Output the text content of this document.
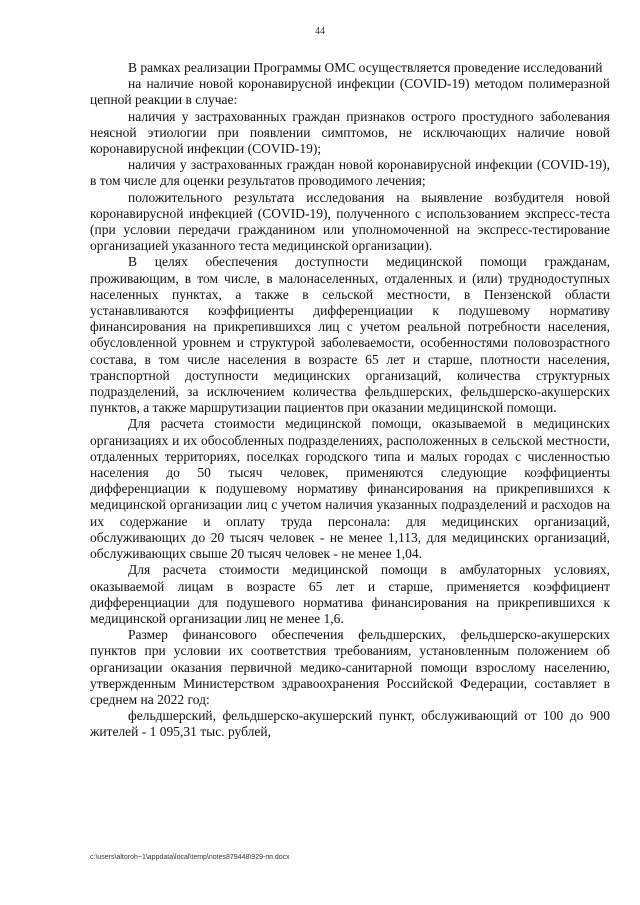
44

В рамках реализации Программы ОМС осуществляется проведение исследований

на наличие новой коронавирусной инфекции (COVID-19) методом полимеразной цепной реакции в случае:

наличия у застрахованных граждан признаков острого простудного заболевания неясной этиологии при появлении симптомов, не исключающих наличие новой коронавирусной инфекции (COVID-19);

наличия у застрахованных граждан новой коронавирусной инфекции (COVID-19), в том числе для оценки результатов проводимого лечения;

положительного результата исследования на выявление возбудителя новой коронавирусной инфекцией (COVID-19), полученного с использованием экспресс-теста (при условии передачи гражданином или уполномоченной на экспресс-тестирование организацией указанного теста медицинской организации).

В целях обеспечения доступности медицинской помощи гражданам, проживающим, в том числе, в малонаселенных, отдаленных и (или) труднодоступных населенных пунктах, а также в сельской местности, в Пензенской области устанавливаются коэффициенты дифференциации к подушевому нормативу финансирования на прикрепившихся лиц с учетом реальной потребности населения, обусловленной уровнем и структурой заболеваемости, особенностями половозрастного состава, в том числе населения в возрасте 65 лет и старше, плотности населения, транспортной доступности медицинских организаций, количества структурных подразделений, за исключением количества фельдшерских, фельдшерско-акушерских пунктов, а также маршрутизации пациентов при оказании медицинской помощи.

Для расчета стоимости медицинской помощи, оказываемой в медицинских организациях и их обособленных подразделениях, расположенных в сельской местности, отдаленных территориях, поселках городского типа и малых городах с численностью населения до 50 тысяч человек, применяются следующие коэффициенты дифференциации к подушевому нормативу финансирования на прикрепившихся к медицинской организации лиц с учетом наличия указанных подразделений и расходов на их содержание и оплату труда персонала: для медицинских организаций, обслуживающих до 20 тысяч человек - не менее 1,113, для медицинских организаций, обслуживающих свыше 20 тысяч человек - не менее 1,04.

Для расчета стоимости медицинской помощи в амбулаторных условиях, оказываемой лицам в возрасте 65 лет и старше, применяется коэффициент дифференциации для подушевого норматива финансирования на прикрепившихся к медицинской организации лиц не менее 1,6.

Размер финансового обеспечения фельдшерских, фельдшерско-акушерских пунктов при условии их соответствия требованиям, установленным положением об организации оказания первичной медико-санитарной помощи взрослому населению, утвержденным Министерством здравоохранения Российской Федерации, составляет в среднем на 2022 год:

фельдшерский, фельдшерско-акушерский пункт, обслуживающий от 100 до 900 жителей - 1 095,31 тыс. рублей,

c:\users\altoroh~1\appdata\local\temp\notes879448\929-пп.docx
